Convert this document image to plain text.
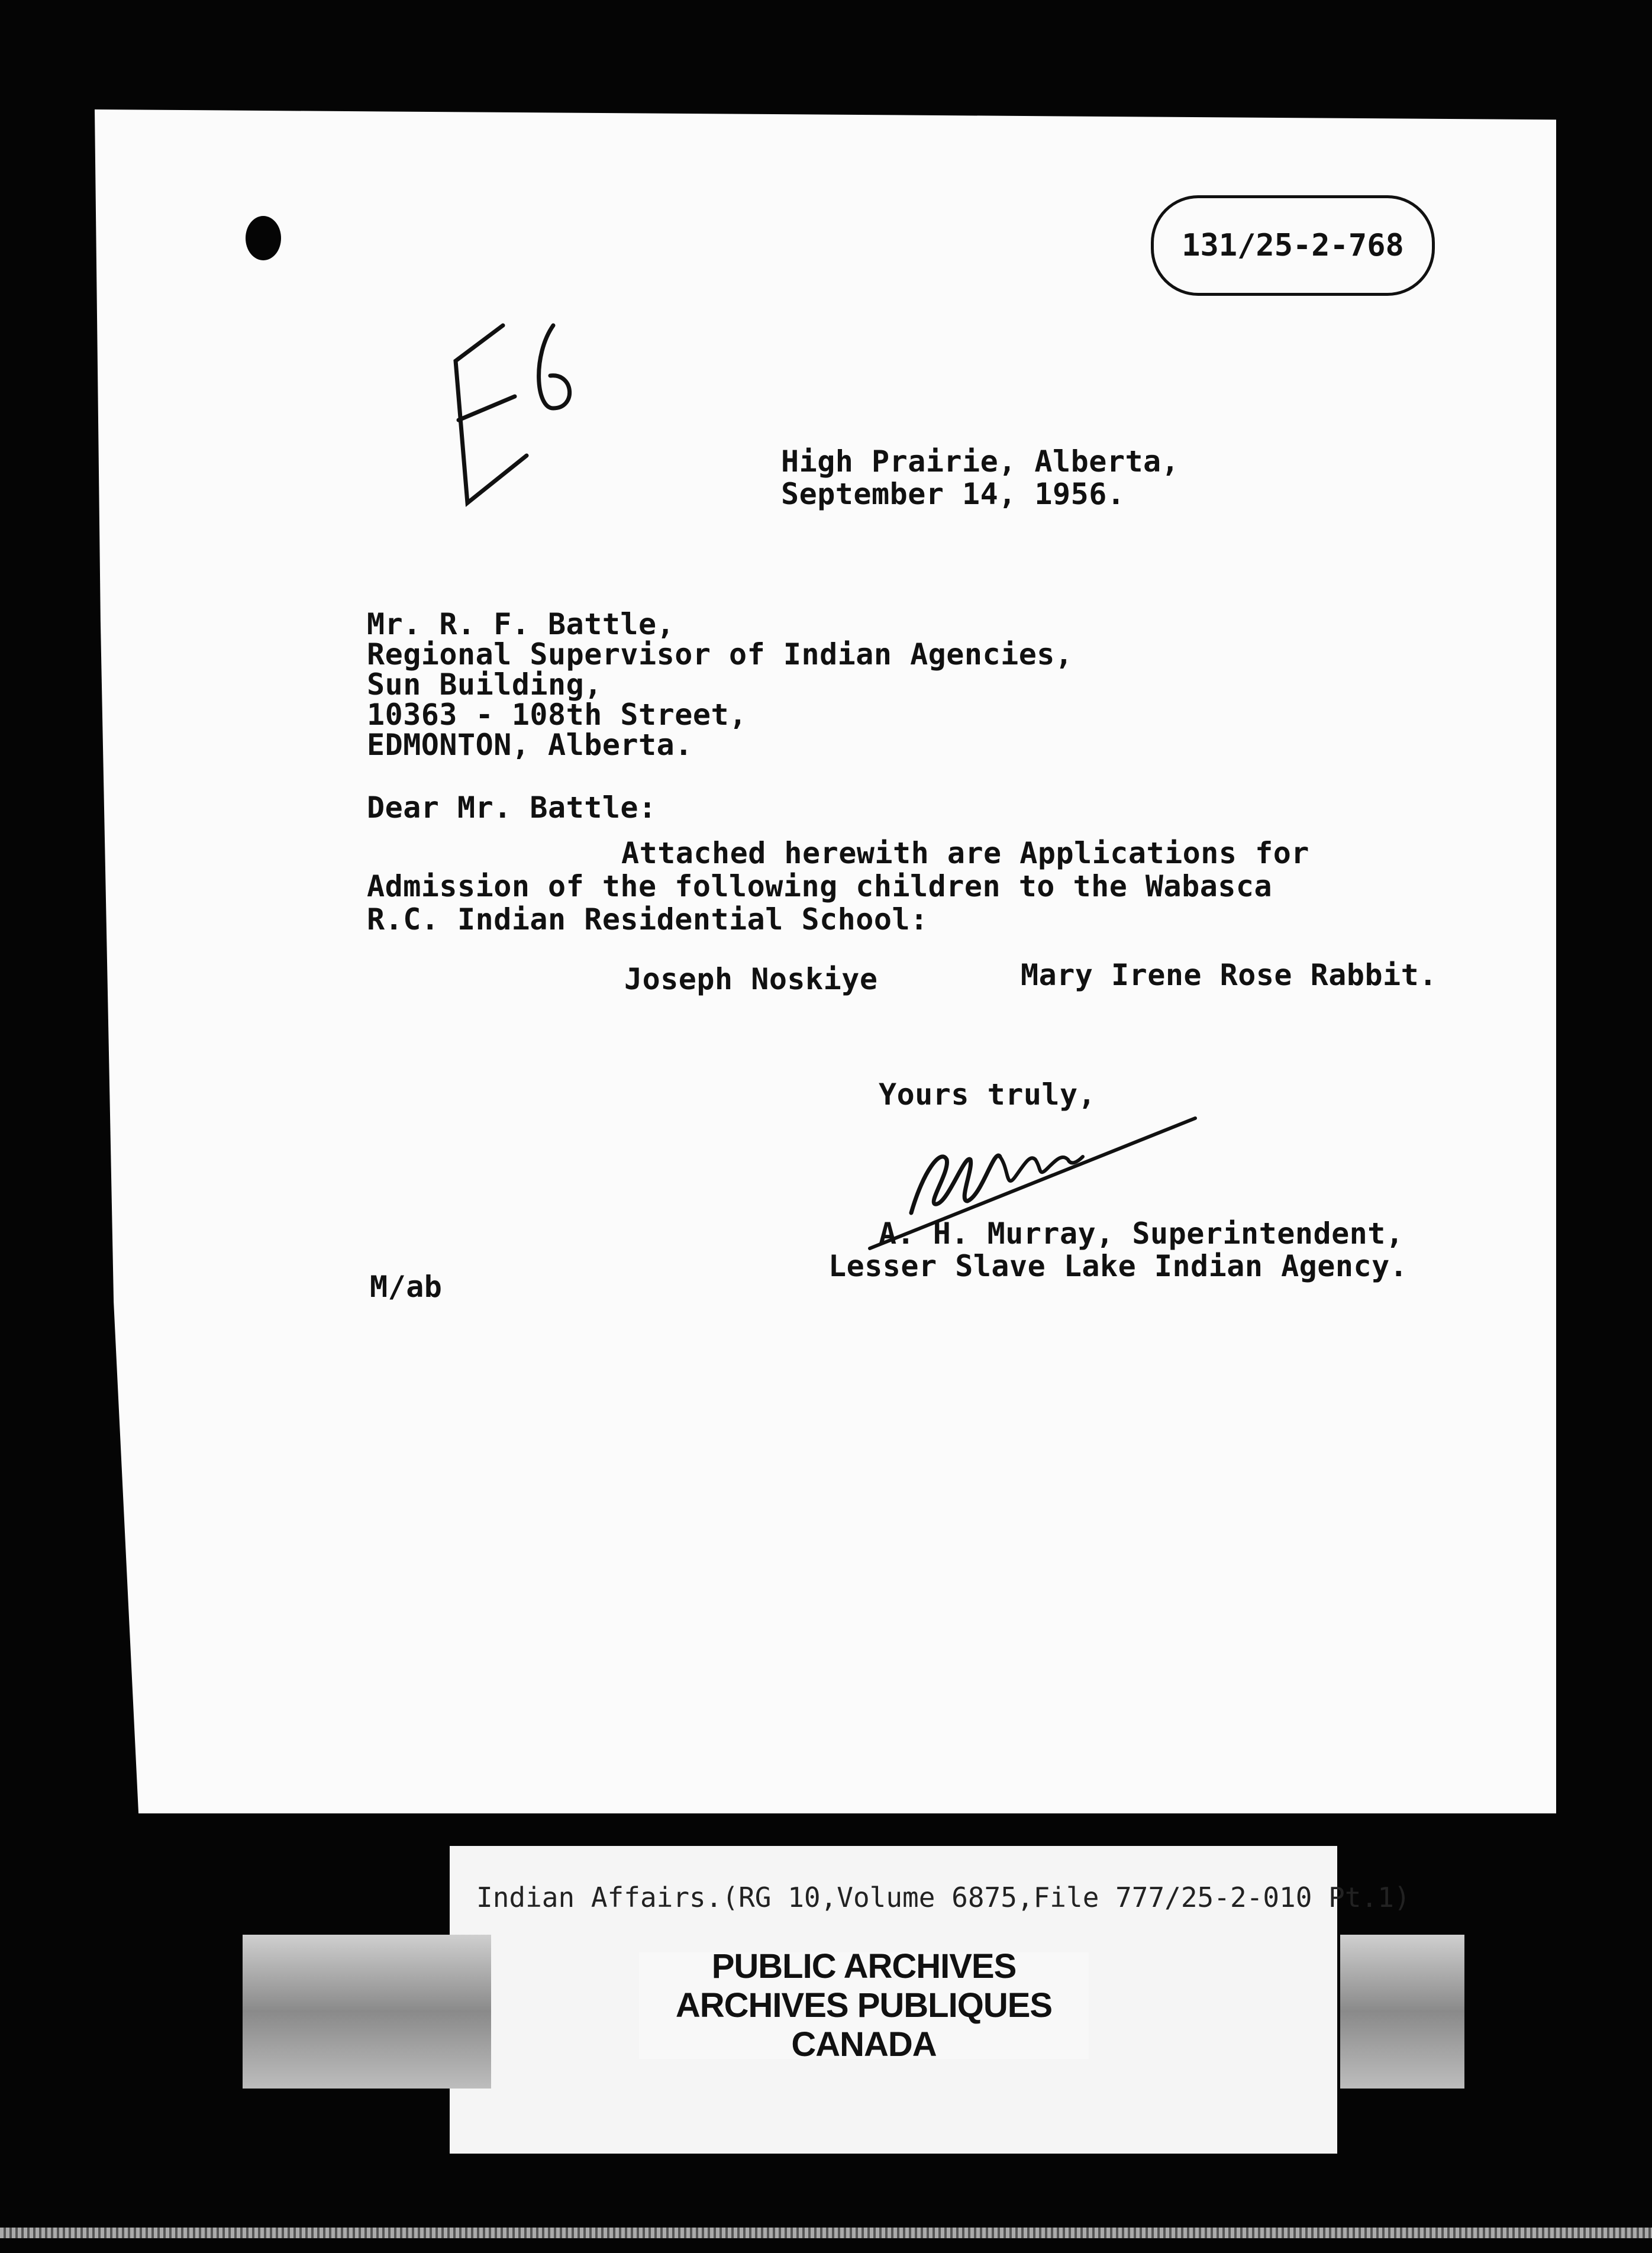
131/25-2-768
High Prairie, Alberta,
September 14, 1956.
Mr. R. F. Battle,
Regional Supervisor of Indian Agencies,
Sun Building,
10363 - 108th Street,
EDMONTON, Alberta.
Dear Mr. Battle:
Attached herewith are Applications for
Admission of the following children to the Wabasca
R.C. Indian Residential School:
Joseph Noskiye	Mary Irene Rose Rabbit.
Yours truly,
A. H. Murray, Superintendent,
Lesser Slave Lake Indian Agency.
M/ab
Indian Affairs.(RG 10,Volume 6875,File 777/25-2-010 Pt.1)
PUBLIC ARCHIVES
ARCHIVES PUBLIQUES
CANADA
